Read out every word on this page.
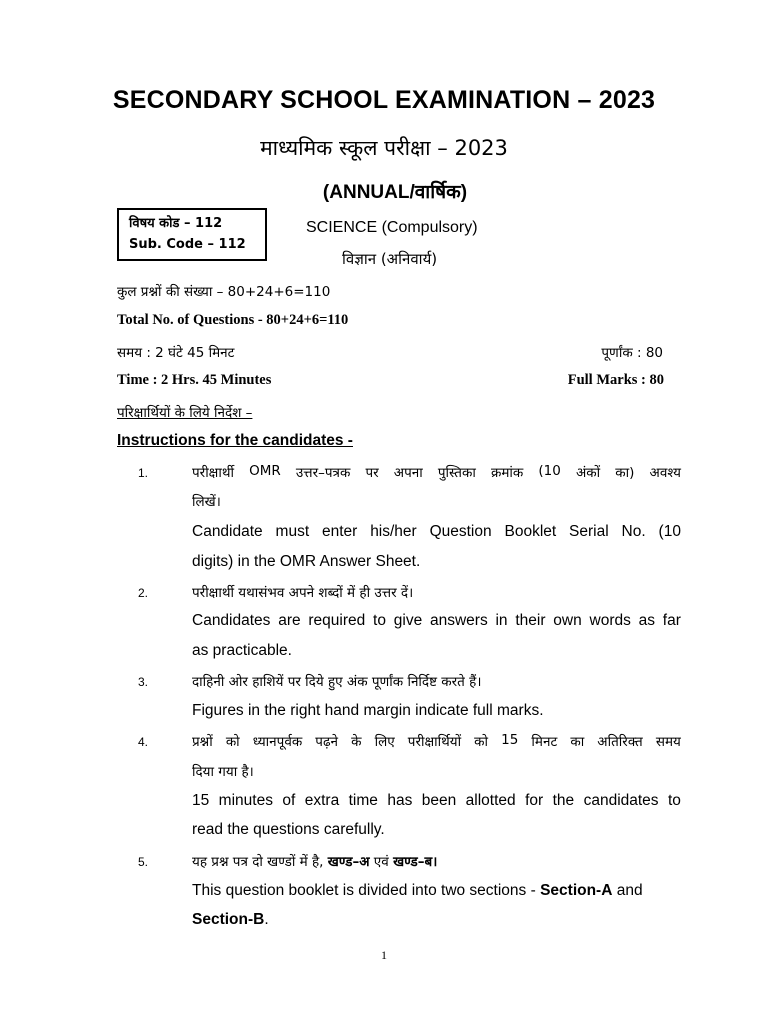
SECONDARY SCHOOL EXAMINATION – 2023
माध्यमिक स्कूल परीक्षा – 2023
(ANNUAL/वार्षिक)
विषय कोड – 112
Sub. Code – 112
SCIENCE (Compulsory)
विज्ञान (अनिवार्य)
कुल प्रश्नों की संख्या – 80+24+6=110
Total No. of Questions - 80+24+6=110
समय : 2 घंटे 45 मिनट	पूर्णांक : 80
Time : 2 Hrs. 45 Minutes	Full Marks : 80
परिक्षार्थियों के लिये निर्देश –
Instructions for the candidates -
1.	परीक्षार्थी OMR उत्तर–पत्रक पर अपना पुस्तिका क्रमांक (10 अंकों का) अवश्य
लिखें।
Candidate must enter his/her Question Booklet Serial No. (10
digits) in the OMR Answer Sheet.
2.	परीक्षार्थी यथासंभव अपने शब्दों में ही उत्तर दें।
Candidates are required to give answers in their own words as far
as practicable.
3.	दाहिनी ओर हाशियें पर दिये हुए अंक पूर्णांक निर्दिष्ट करते हैं।
Figures in the right hand margin indicate full marks.
4.	प्रश्नों को ध्यानपूर्वक पढ़ने के लिए परीक्षार्थियों को 15 मिनट का अतिरिक्त समय
दिया गया है।
15 minutes of extra time has been allotted for the candidates to
read the questions carefully.
5.	यह प्रश्न पत्र दो खण्डों में है, खण्ड–अ एवं खण्ड–ब।
This question booklet is divided into two sections - Section-A and
Section-B.
1
